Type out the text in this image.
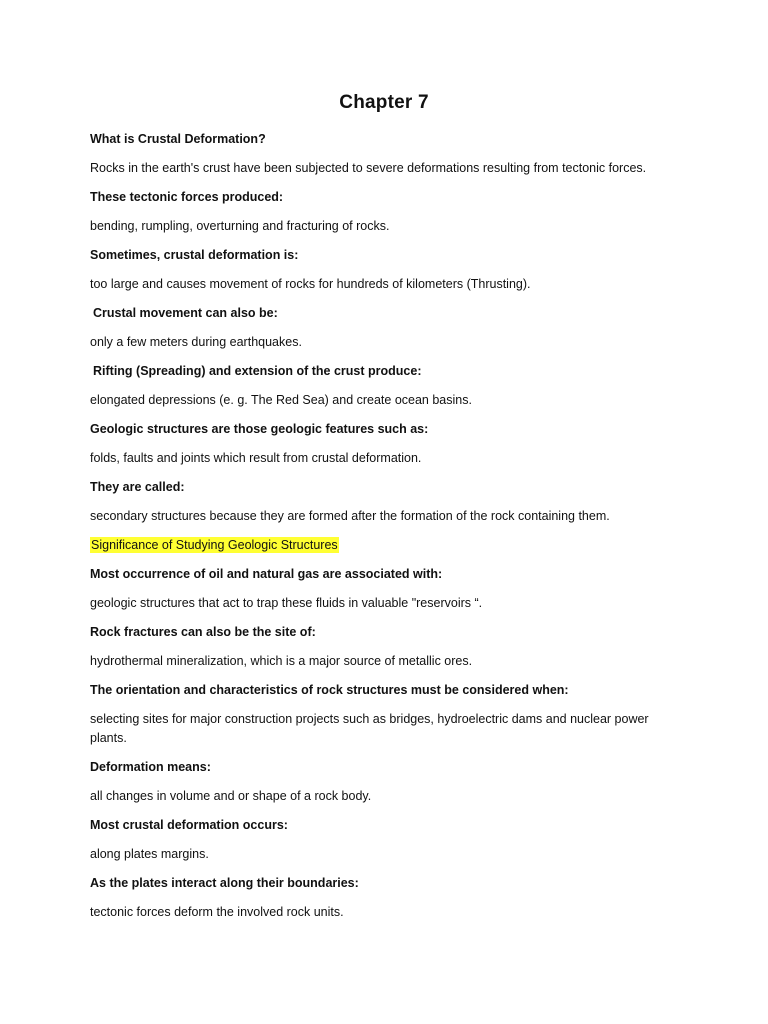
Chapter 7

What is Crustal Deformation?

Rocks in the earth's crust have been subjected to severe deformations resulting from tectonic forces.

These tectonic forces produced:

bending, rumpling, overturning and fracturing of rocks.

Sometimes, crustal deformation is:

too large and causes movement of rocks for hundreds of kilometers (Thrusting).

Crustal movement can also be:

only a few meters during earthquakes.

Rifting (Spreading) and extension of the crust produce:

elongated depressions (e. g. The Red Sea) and create ocean basins.

Geologic structures are those geologic features such as:

folds, faults and joints which result from crustal deformation.

They are called:

secondary structures because they are formed after the formation of the rock containing them.

Significance of Studying Geologic Structures

Most occurrence of oil and natural gas are associated with:

geologic structures that act to trap these fluids in valuable "reservoirs “.

Rock fractures can also be the site of:

hydrothermal mineralization, which is a major source of metallic ores.

The orientation and characteristics of rock structures must be considered when:

selecting sites for major construction projects such as bridges, hydroelectric dams and nuclear power plants.

Deformation means:

all changes in volume and or shape of a rock body.

Most crustal deformation occurs:

along plates margins.

As the plates interact along their boundaries:

tectonic forces deform the involved rock units.
